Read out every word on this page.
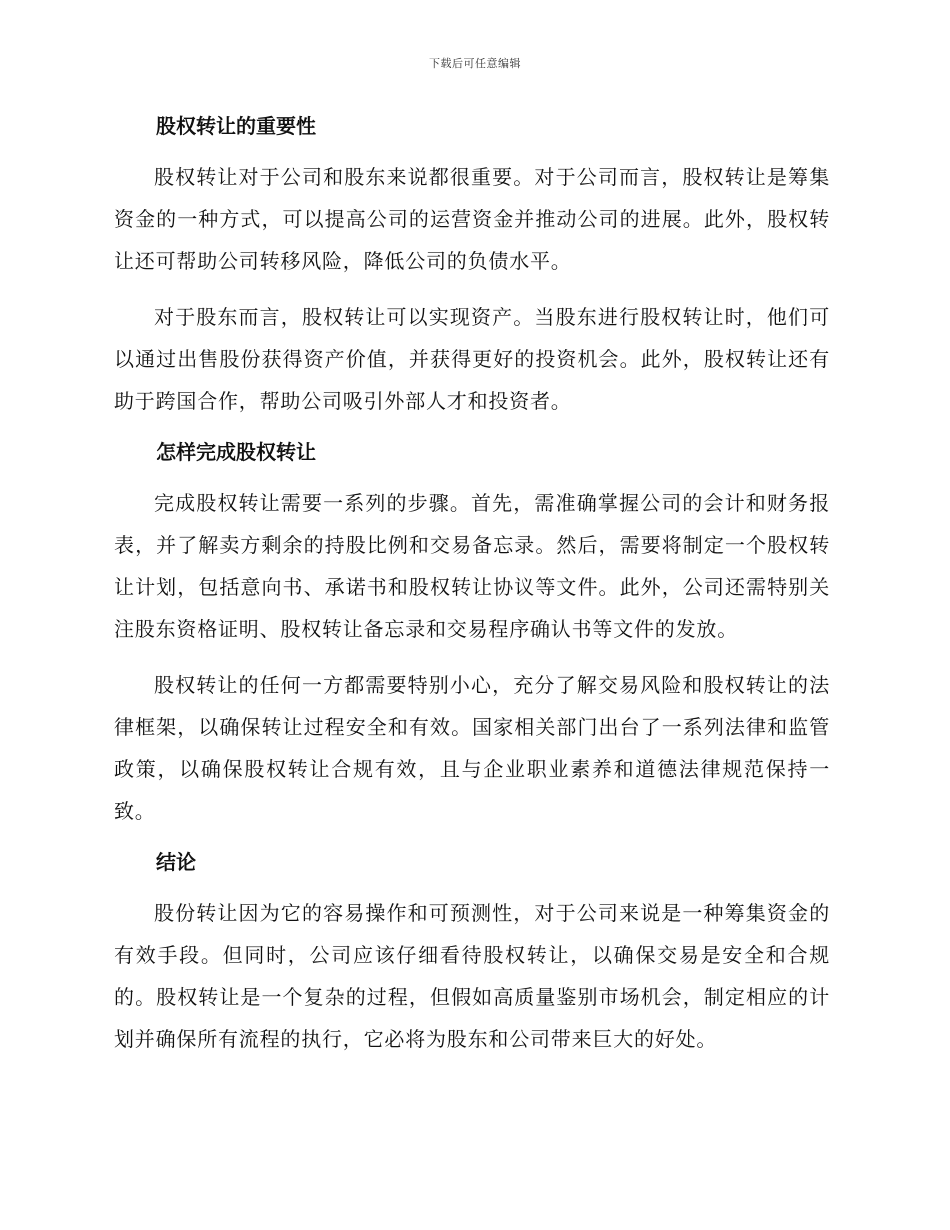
下载后可任意编辑
股权转让的重要性

股权转让对于公司和股东来说都很重要。对于公司而言，股权转让是筹集资金的一种方式，可以提高公司的运营资金并推动公司的进展。此外，股权转让还可帮助公司转移风险，降低公司的负债水平。

对于股东而言，股权转让可以实现资产。当股东进行股权转让时，他们可以通过出售股份获得资产价值，并获得更好的投资机会。此外，股权转让还有助于跨国合作，帮助公司吸引外部人才和投资者。

怎样完成股权转让

完成股权转让需要一系列的步骤。首先，需准确掌握公司的会计和财务报表，并了解卖方剩余的持股比例和交易备忘录。然后，需要将制定一个股权转让计划，包括意向书、承诺书和股权转让协议等文件。此外，公司还需特别关注股东资格证明、股权转让备忘录和交易程序确认书等文件的发放。

股权转让的任何一方都需要特别小心，充分了解交易风险和股权转让的法律框架，以确保转让过程安全和有效。国家相关部门出台了一系列法律和监管政策，以确保股权转让合规有效，且与企业职业素养和道德法律规范保持一致。

结论

股份转让因为它的容易操作和可预测性，对于公司来说是一种筹集资金的有效手段。但同时，公司应该仔细看待股权转让，以确保交易是安全和合规的。股权转让是一个复杂的过程，但假如高质量鉴别市场机会，制定相应的计划并确保所有流程的执行，它必将为股东和公司带来巨大的好处。
